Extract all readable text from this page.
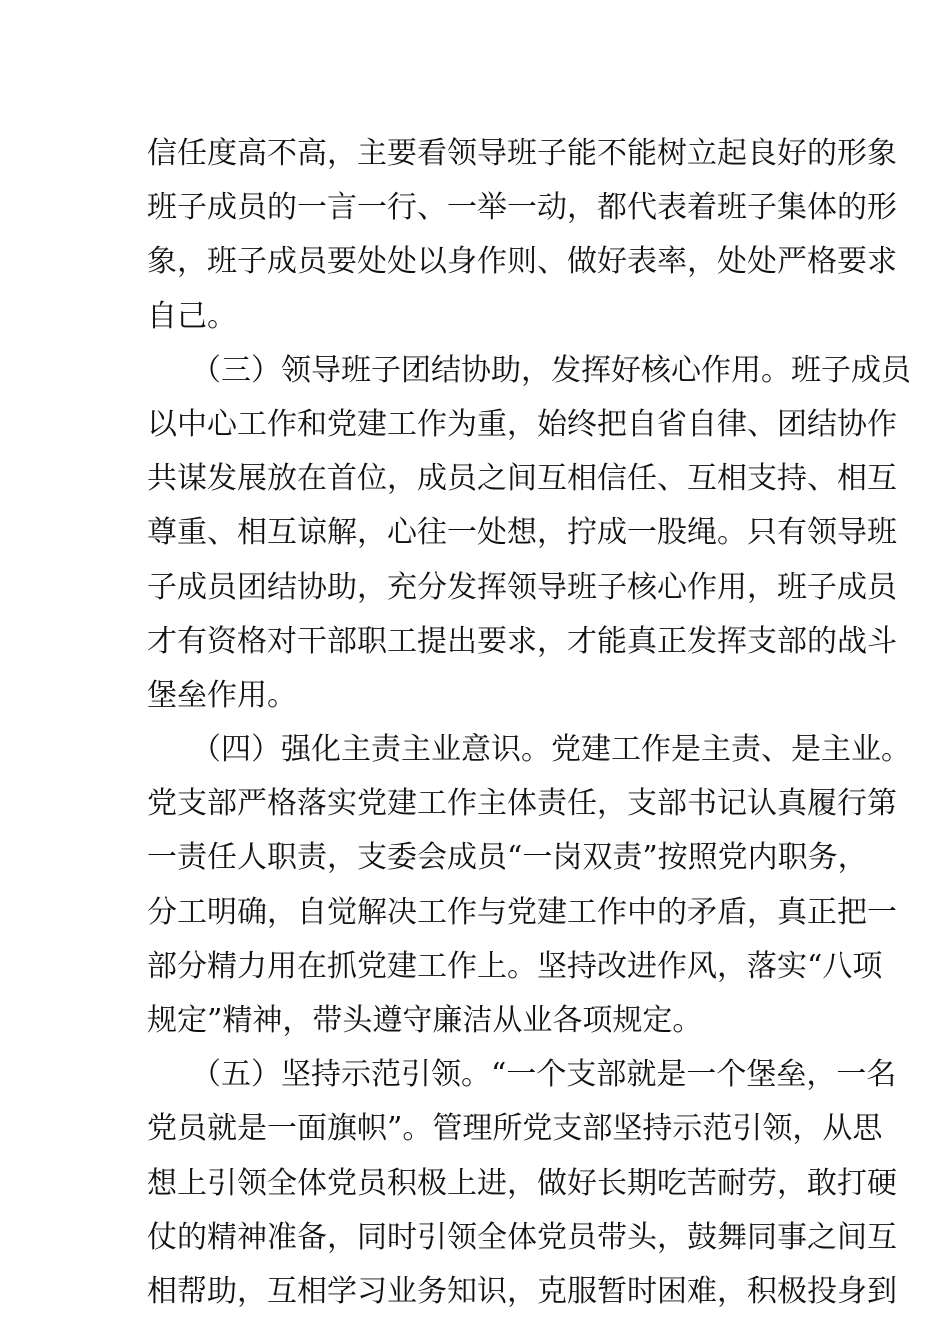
信任度高不高，主要看领导班子能不能树立起良好的形象
班子成员的一言一行、一举一动，都代表着班子集体的形
象，班子成员要处处以身作则、做好表率，处处严格要求
自己。
（三）领导班子团结协助，发挥好核心作用。班子成员
以中心工作和党建工作为重，始终把自省自律、团结协作
共谋发展放在首位，成员之间互相信任、互相支持、相互
尊重、相互谅解，心往一处想，拧成一股绳。只有领导班
子成员团结协助，充分发挥领导班子核心作用，班子成员
才有资格对干部职工提出要求，才能真正发挥支部的战斗
堡垒作用。
（四）强化主责主业意识。党建工作是主责、是主业。
党支部严格落实党建工作主体责任，支部书记认真履行第
一责任人职责，支委会成员“一岗双责”按照党内职务，
分工明确，自觉解决工作与党建工作中的矛盾，真正把一
部分精力用在抓党建工作上。坚持改进作风，落实“八项
规定”精神，带头遵守廉洁从业各项规定。
（五）坚持示范引领。“一个支部就是一个堡垒，一名
党员就是一面旗帜”。管理所党支部坚持示范引领，从思
想上引领全体党员积极上进，做好长期吃苦耐劳，敢打硬
仗的精神准备，同时引领全体党员带头，鼓舞同事之间互
相帮助，互相学习业务知识，克服暂时困难，积极投身到
